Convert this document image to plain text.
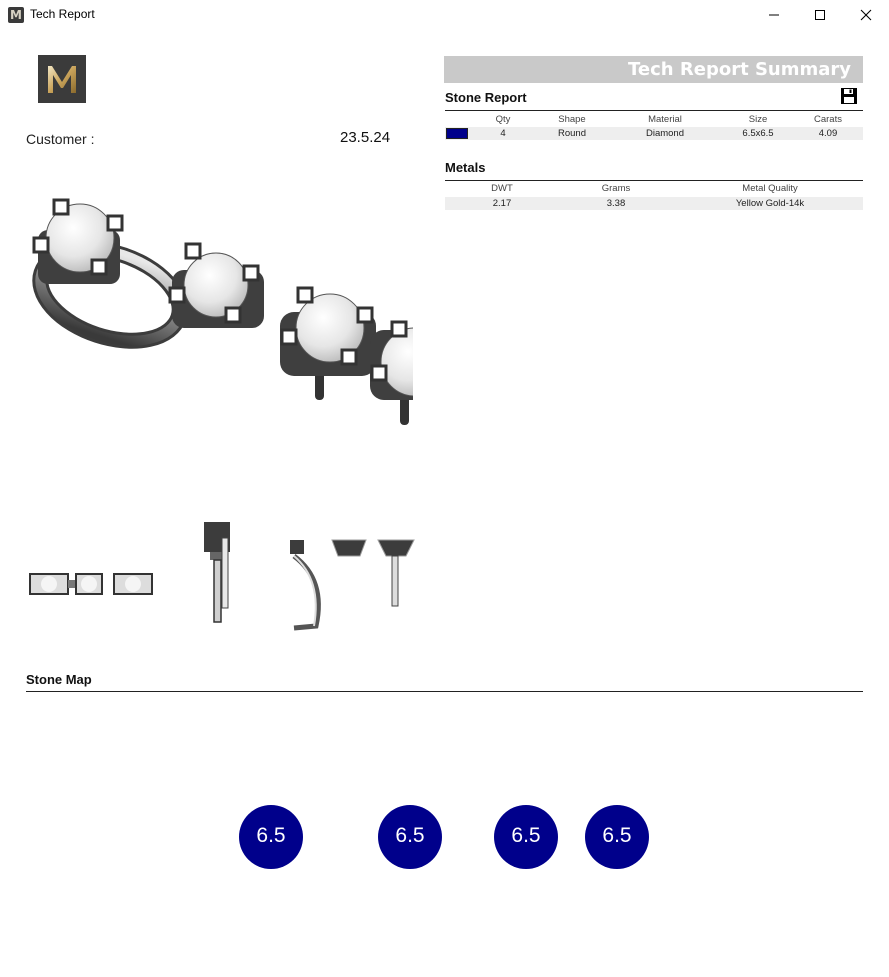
M Tech Report
Customer :	23.5.24
Tech Report Summary
Stone Report
Qty	Shape	Material	Size	Carats
4	Round	Diamond	6.5x6.5	4.09
Metals
DWT	Grams	Metal Quality
2.17	3.38	Yellow Gold-14k
Stone Map
6.5	6.5	6.5	6.5
